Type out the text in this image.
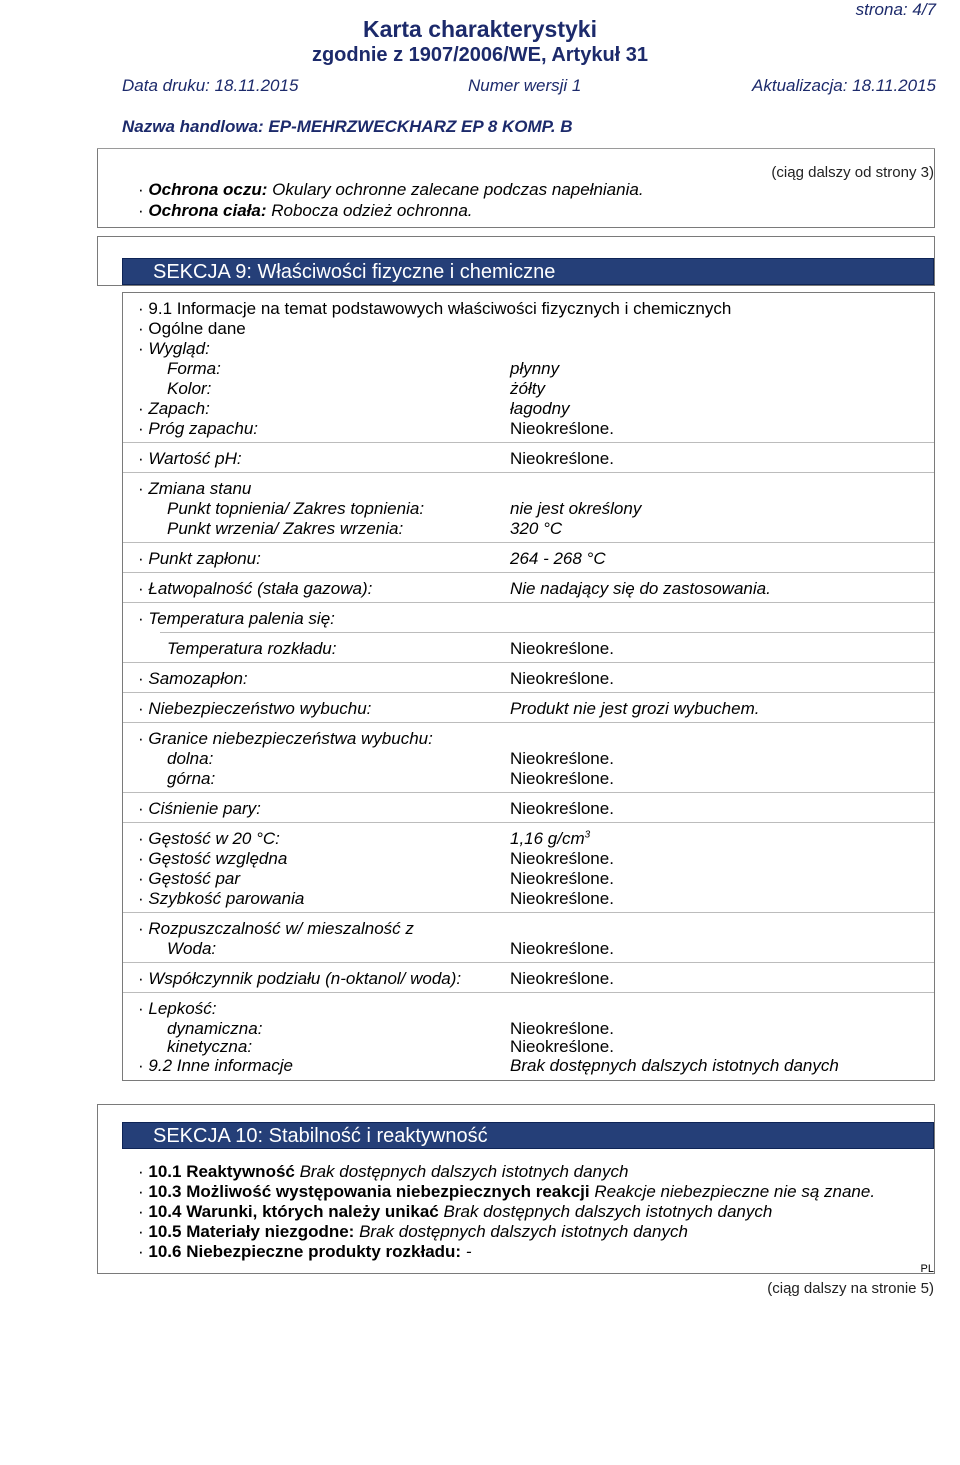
strona: 4/7
Karta charakterystyki
zgodnie z 1907/2006/WE, Artykuł 31
Data druku: 18.11.2015	Numer wersji 1	Aktualizacja: 18.11.2015
Nazwa handlowa: EP-MEHRZWECKHARZ EP 8 KOMP. B
(ciąg dalszy od strony 3)
· Ochrona oczu: Okulary ochronne zalecane podczas napełniania.
· Ochrona ciała: Robocza odzież ochronna.
SEKCJA 9: Właściwości fizyczne i chemiczne
· 9.1 Informacje na temat podstawowych właściwości fizycznych i chemicznych
· Ogólne dane
· Wygląd:
Forma:	płynny
Kolor:	żółty
· Zapach:	łagodny
· Próg zapachu:	Nieokreślone.
· Wartość pH:	Nieokreślone.
· Zmiana stanu
Punkt topnienia/ Zakres topnienia:	nie jest określony
Punkt wrzenia/ Zakres wrzenia:	320 °C
· Punkt zapłonu:	264 - 268 °C
· Łatwopalność (stała gazowa):	Nie nadający się do zastosowania.
· Temperatura palenia się:
Temperatura rozkładu:	Nieokreślone.
· Samozapłon:	Nieokreślone.
· Niebezpieczeństwo wybuchu:	Produkt nie jest grozi wybuchem.
· Granice niebezpieczeństwa wybuchu:
dolna:	Nieokreślone.
górna:	Nieokreślone.
· Ciśnienie pary:	Nieokreślone.
· Gęstość w 20 °C:	1,16 $g/cm^3$
· Gęstość względna	Nieokreślone.
· Gęstość par	Nieokreślone.
· Szybkość parowania	Nieokreślone.
· Rozpuszczalność w/ mieszalność z
Woda:	Nieokreślone.
· Współczynnik podziału (n-oktanol/ woda):	Nieokreślone.
· Lepkość:
dynamiczna:	Nieokreślone.
kinetyczna:	Nieokreślone.
· 9.2 Inne informacje	Brak dostępnych dalszych istotnych danych
SEKCJA 10: Stabilność i reaktywność
· 10.1 Reaktywność Brak dostępnych dalszych istotnych danych
· 10.3 Możliwość występowania niebezpiecznych reakcji Reakcje niebezpieczne nie są znane.
· 10.4 Warunki, których należy unikać Brak dostępnych dalszych istotnych danych
· 10.5 Materiały niezgodne: Brak dostępnych dalszych istotnych danych
· 10.6 Niebezpieczne produkty rozkładu: -
PL
(ciąg dalszy na stronie 5)
